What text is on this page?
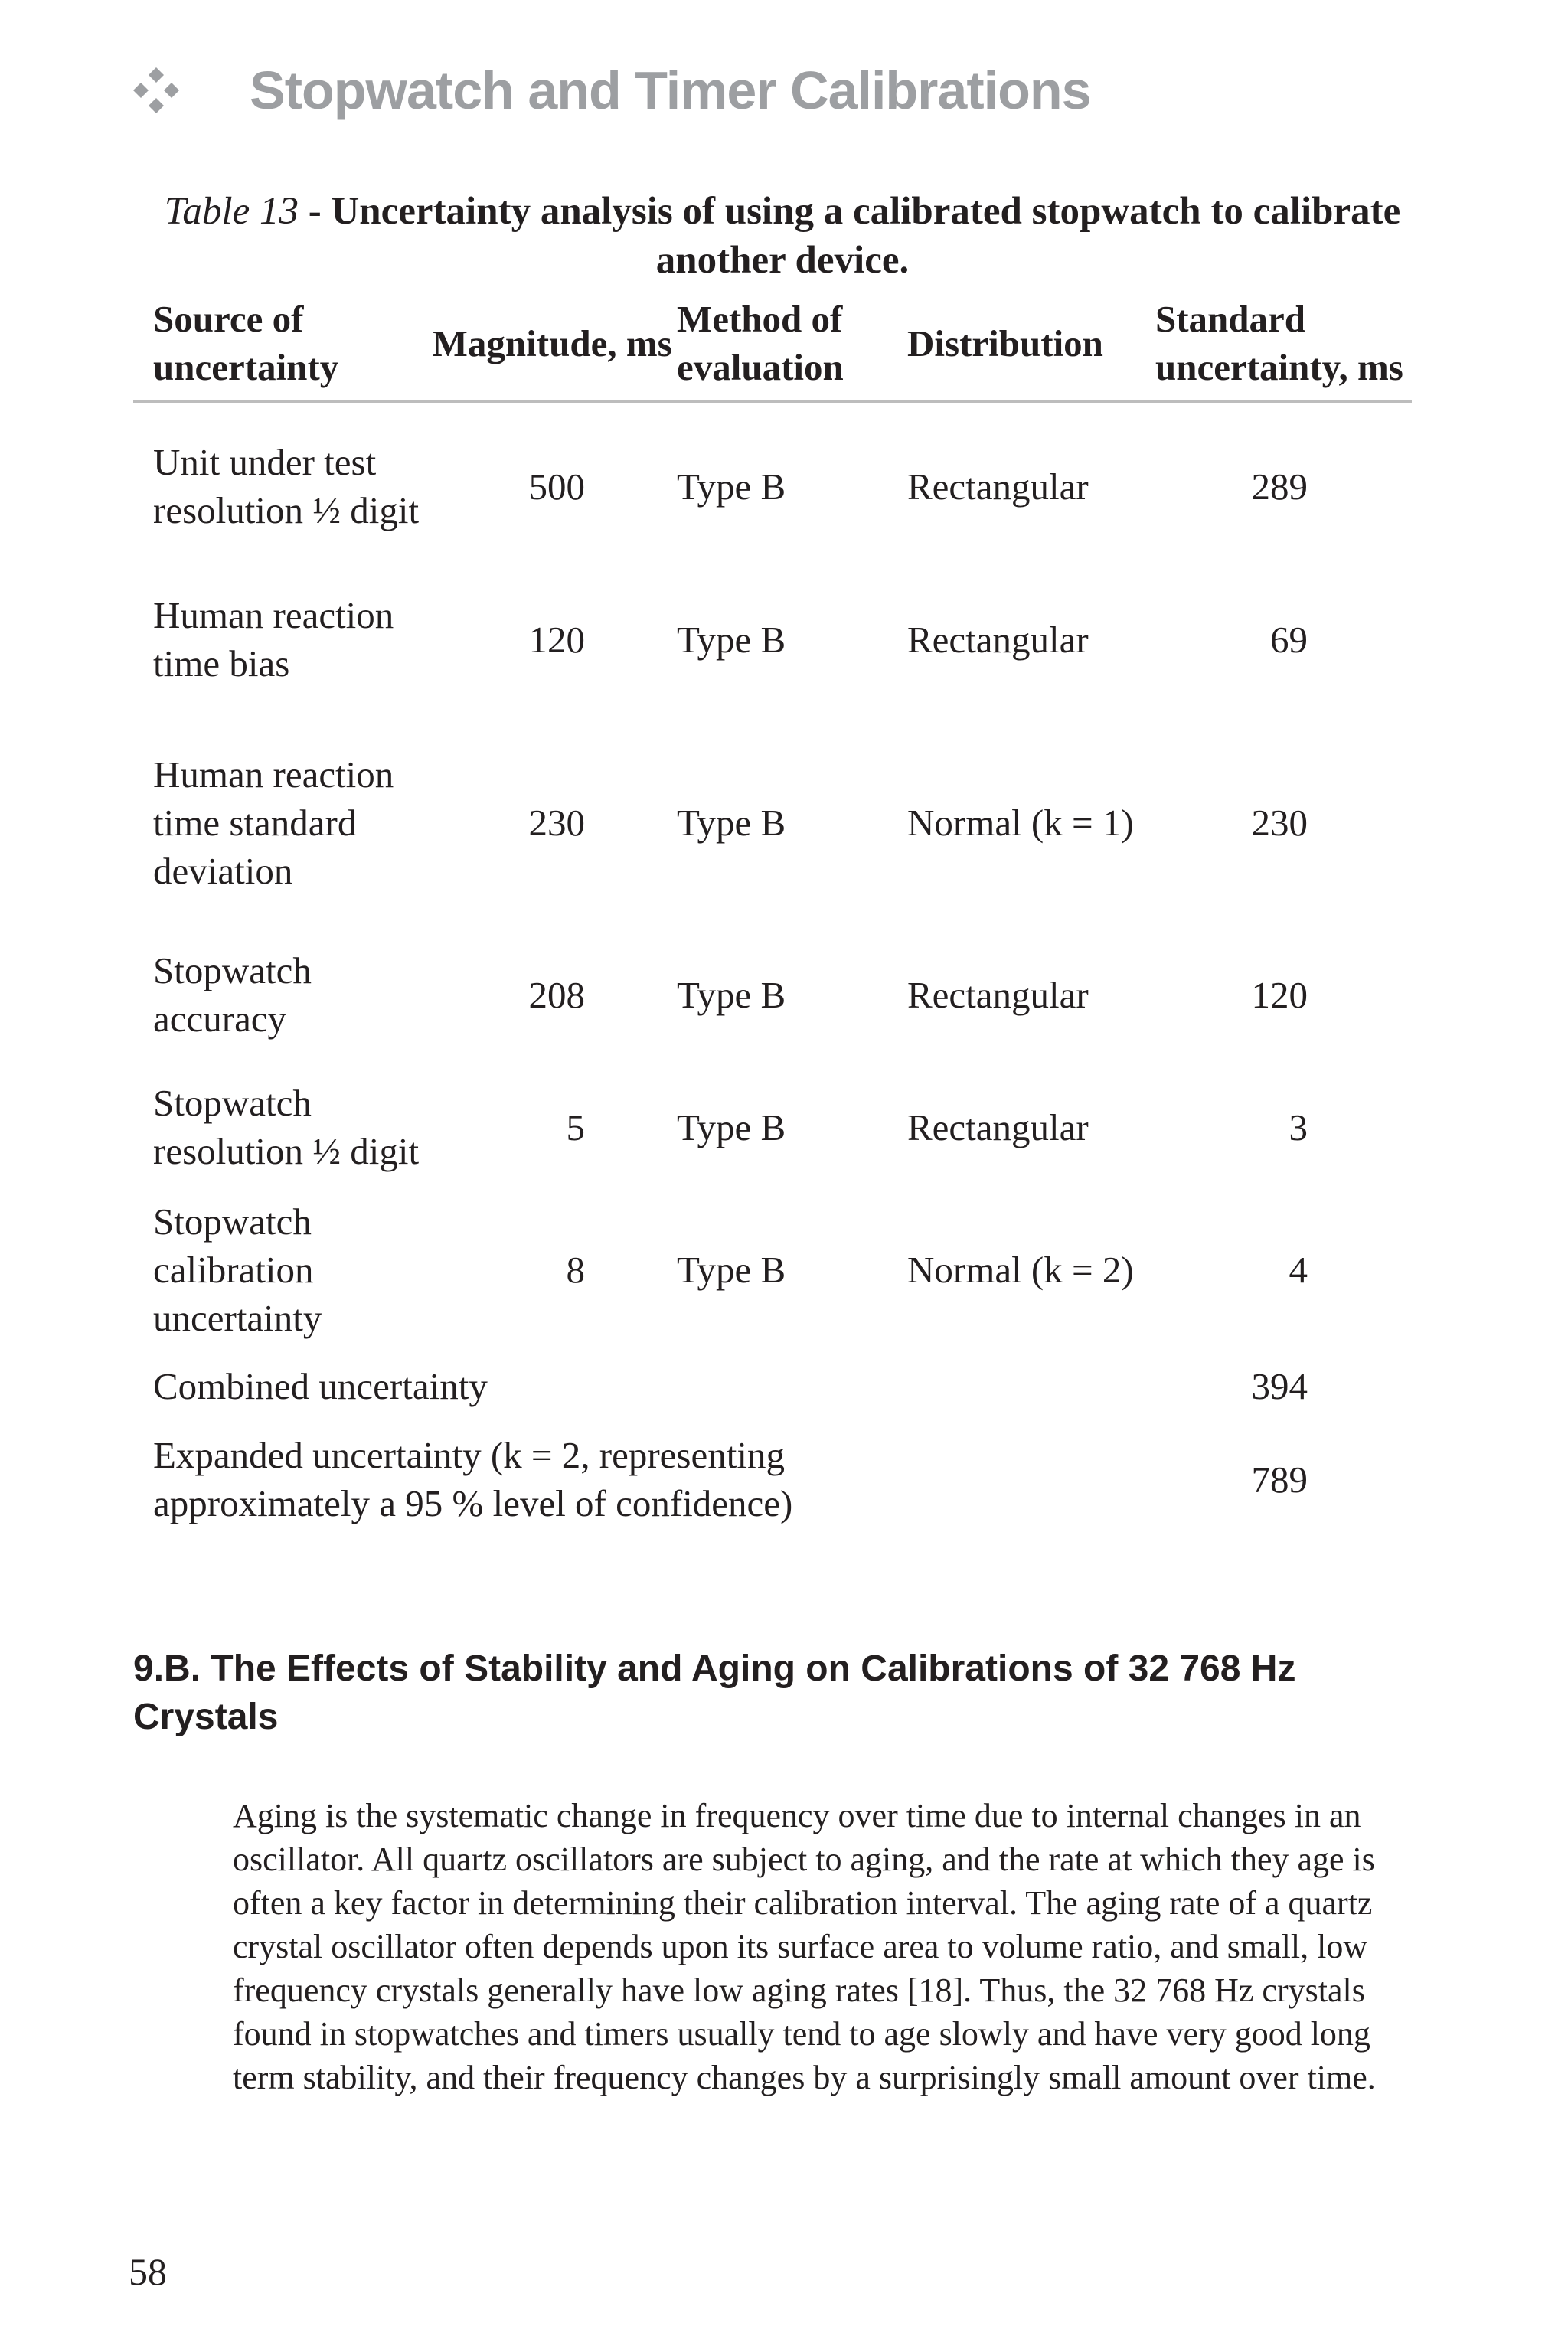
Stopwatch and Timer Calibrations
Table 13 - Uncertainty analysis of using a calibrated stopwatch to calibrate another device.
Source of uncertainty	Magnitude, ms	Method of evaluation	Distribution	Standard uncertainty, ms
Unit under test resolution ½ digit	500	Type B	Rectangular	289
Human reaction time bias	120	Type B	Rectangular	69
Human reaction time standard deviation	230	Type B	Normal (k = 1)	230
Stopwatch accuracy	208	Type B	Rectangular	120
Stopwatch resolution ½ digit	5	Type B	Rectangular	3
Stopwatch calibration uncertainty	8	Type B	Normal (k = 2)	4
Combined uncertainty				394
Expanded uncertainty (k = 2, representing approximately a 95 % level of confidence)				789
9.B. The Effects of Stability and Aging on Calibrations of 32 768 Hz Crystals
Aging is the systematic change in frequency over time due to internal changes in an oscillator. All quartz oscillators are subject to aging, and the rate at which they age is often a key factor in determining their calibration interval. The aging rate of a quartz crystal oscillator often depends upon its surface area to volume ratio, and small, low frequency crystals generally have low aging rates [18]. Thus, the 32 768 Hz crystals found in stopwatches and timers usually tend to age slowly and have very good long term stability, and their frequency changes by a surprisingly small amount over time.
58
